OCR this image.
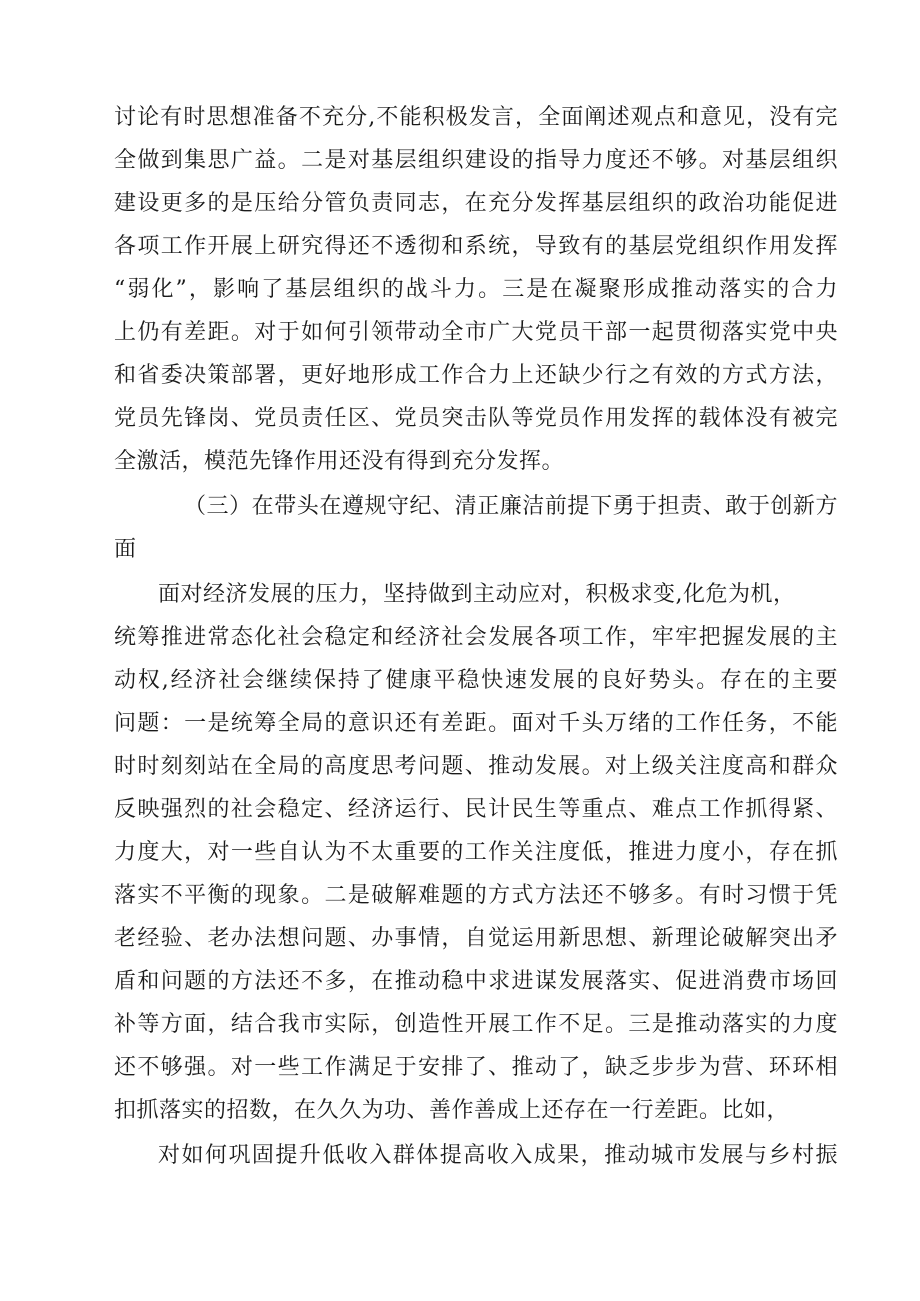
讨论有时思想准备不充分,不能积极发言，全面阐述观点和意见，没有完
全做到集思广益。二是对基层组织建设的指导力度还不够。对基层组织
建设更多的是压给分管负责同志，在充分发挥基层组织的政治功能促进
各项工作开展上研究得还不透彻和系统，导致有的基层党组织作用发挥
“弱化”，影响了基层组织的战斗力。三是在凝聚形成推动落实的合力
上仍有差距。对于如何引领带动全市广大党员干部一起贯彻落实党中央
和省委决策部署，更好地形成工作合力上还缺少行之有效的方式方法，
党员先锋岗、党员责任区、党员突击队等党员作用发挥的载体没有被完
全激活，模范先锋作用还没有得到充分发挥。
（三）在带头在遵规守纪、清正廉洁前提下勇于担责、敢于创新方
面
面对经济发展的压力，坚持做到主动应对，积极求变,化危为机，
统筹推进常态化社会稳定和经济社会发展各项工作，牢牢把握发展的主
动权,经济社会继续保持了健康平稳快速发展的良好势头。存在的主要
问题：一是统筹全局的意识还有差距。面对千头万绪的工作任务，不能
时时刻刻站在全局的高度思考问题、推动发展。对上级关注度高和群众
反映强烈的社会稳定、经济运行、民计民生等重点、难点工作抓得紧、
力度大，对一些自认为不太重要的工作关注度低，推进力度小，存在抓
落实不平衡的现象。二是破解难题的方式方法还不够多。有时习惯于凭
老经验、老办法想问题、办事情，自觉运用新思想、新理论破解突出矛
盾和问题的方法还不多，在推动稳中求进谋发展落实、促进消费市场回
补等方面，结合我市实际，创造性开展工作不足。三是推动落实的力度
还不够强。对一些工作满足于安排了、推动了，缺乏步步为营、环环相
扣抓落实的招数，在久久为功、善作善成上还存在一行差距。比如，
对如何巩固提升低收入群体提高收入成果，推动城市发展与乡村振
